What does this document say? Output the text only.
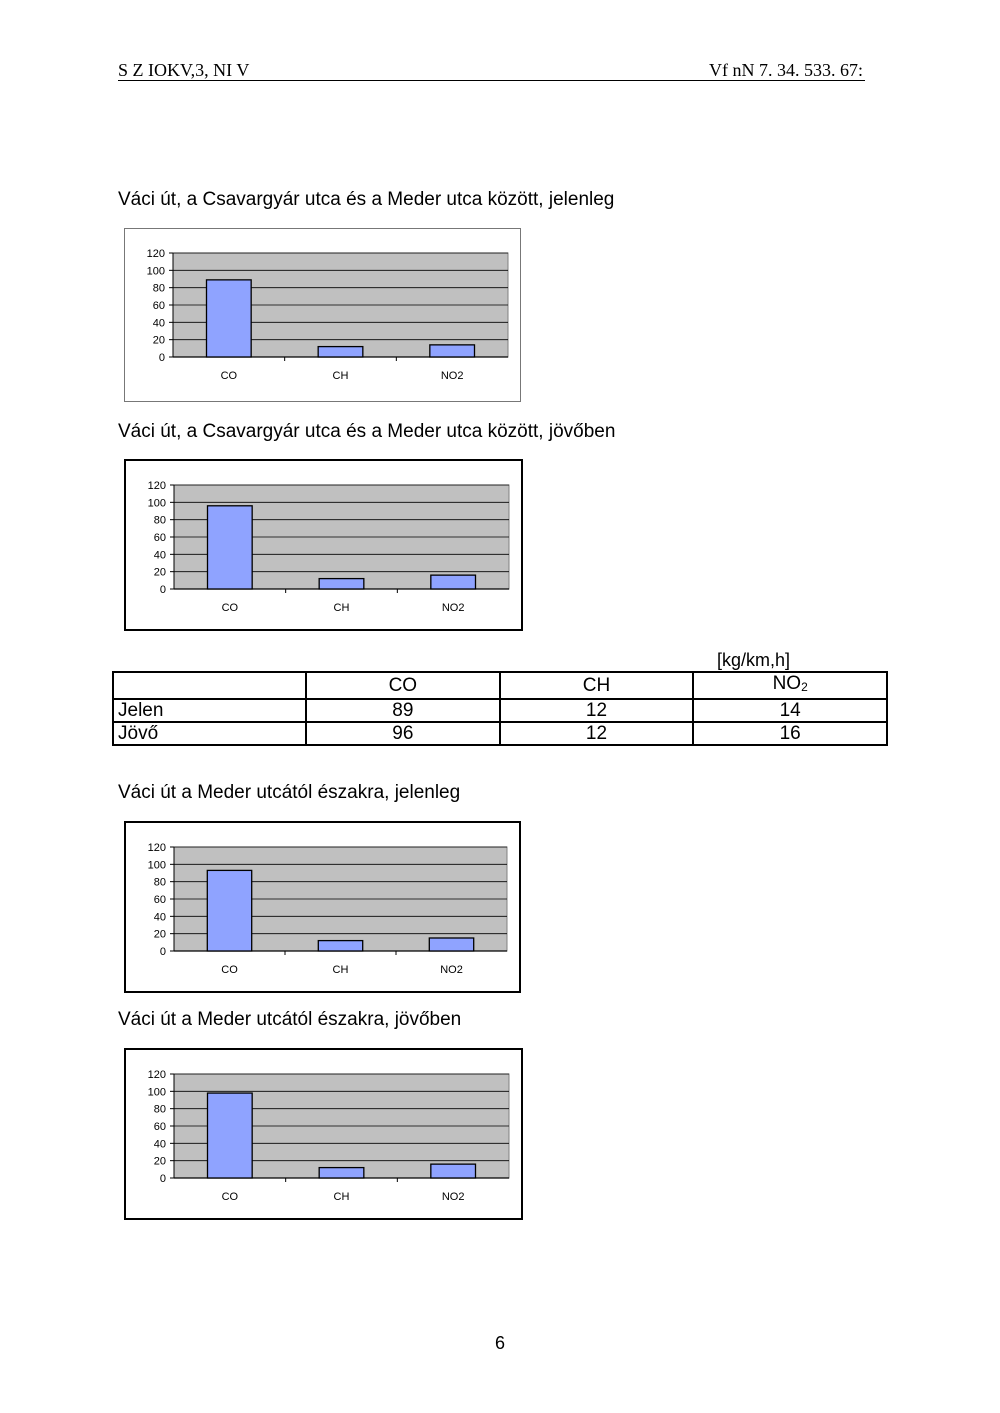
S Z IOKV,3, NI V	Vf nN 7. 34. 533. 67:
Váci út, a Csavargyár utca és a Meder utca között, jelenleg
0
20
40
60
80
100
120
CO	CH	NO2
Váci út, a Csavargyár utca és a Meder utca között, jövőben
0
20
40
60
80
100
120
CO	CH	NO2
[kg/km,h]
	CO	CH	$NO_2$
Jelen	89	12	14
Jövő	96	12	16
Váci út a Meder utcától északra, jelenleg
0
20
40
60
80
100
120
CO	CH	NO2
Váci út a Meder utcától északra, jövőben
0
20
40
60
80
100
120
CO	CH	NO2
6
